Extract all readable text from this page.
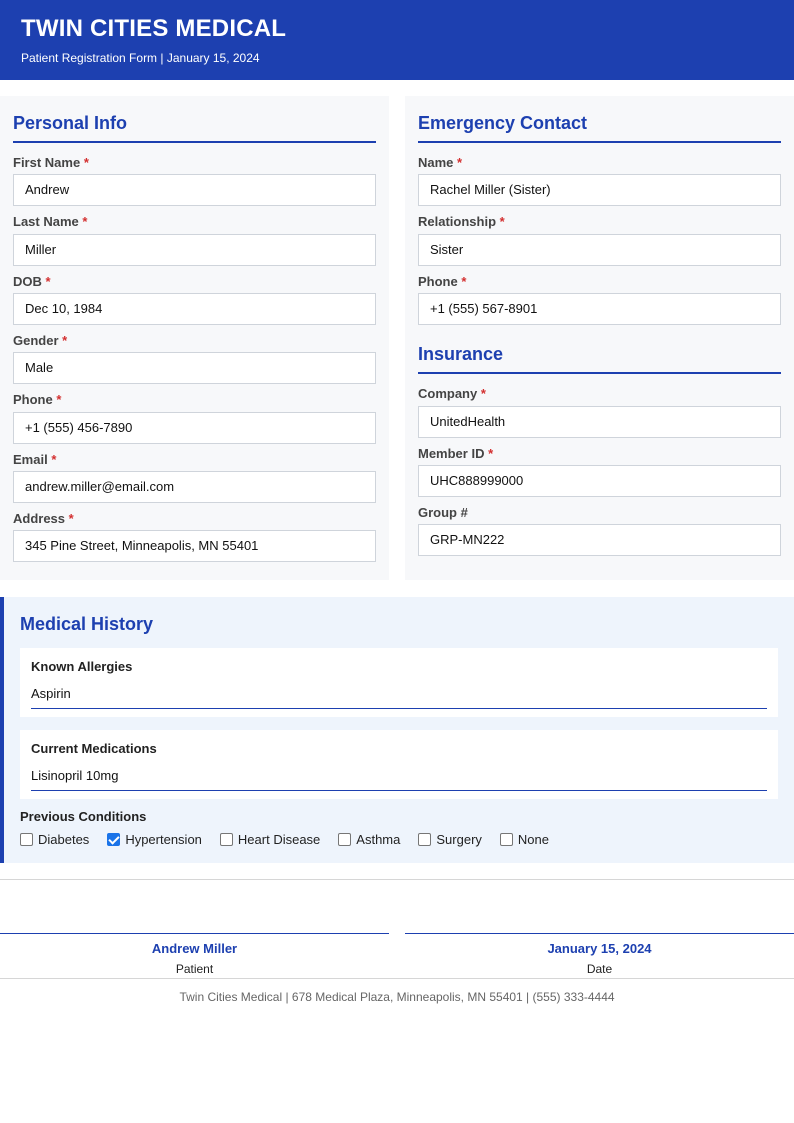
TWIN CITIES MEDICAL
Patient Registration Form | January 15, 2024
Personal Info
First Name *
Andrew
Last Name *
Miller
DOB *
Dec 10, 1984
Gender *
Male
Phone *
+1 (555) 456-7890
Email *
andrew.miller@email.com
Address *
345 Pine Street, Minneapolis, MN 55401
Emergency Contact
Name *
Rachel Miller (Sister)
Relationship *
Sister
Phone *
+1 (555) 567-8901
Insurance
Company *
UnitedHealth
Member ID *
UHC888999000
Group #
GRP-MN222
Medical History
Known Allergies
Aspirin
Current Medications
Lisinopril 10mg
Previous Conditions
Diabetes	Hypertension	Heart Disease	Asthma	Surgery	None
Andrew Miller
Patient
January 15, 2024
Date
Twin Cities Medical | 678 Medical Plaza, Minneapolis, MN 55401 | (555) 333-4444
